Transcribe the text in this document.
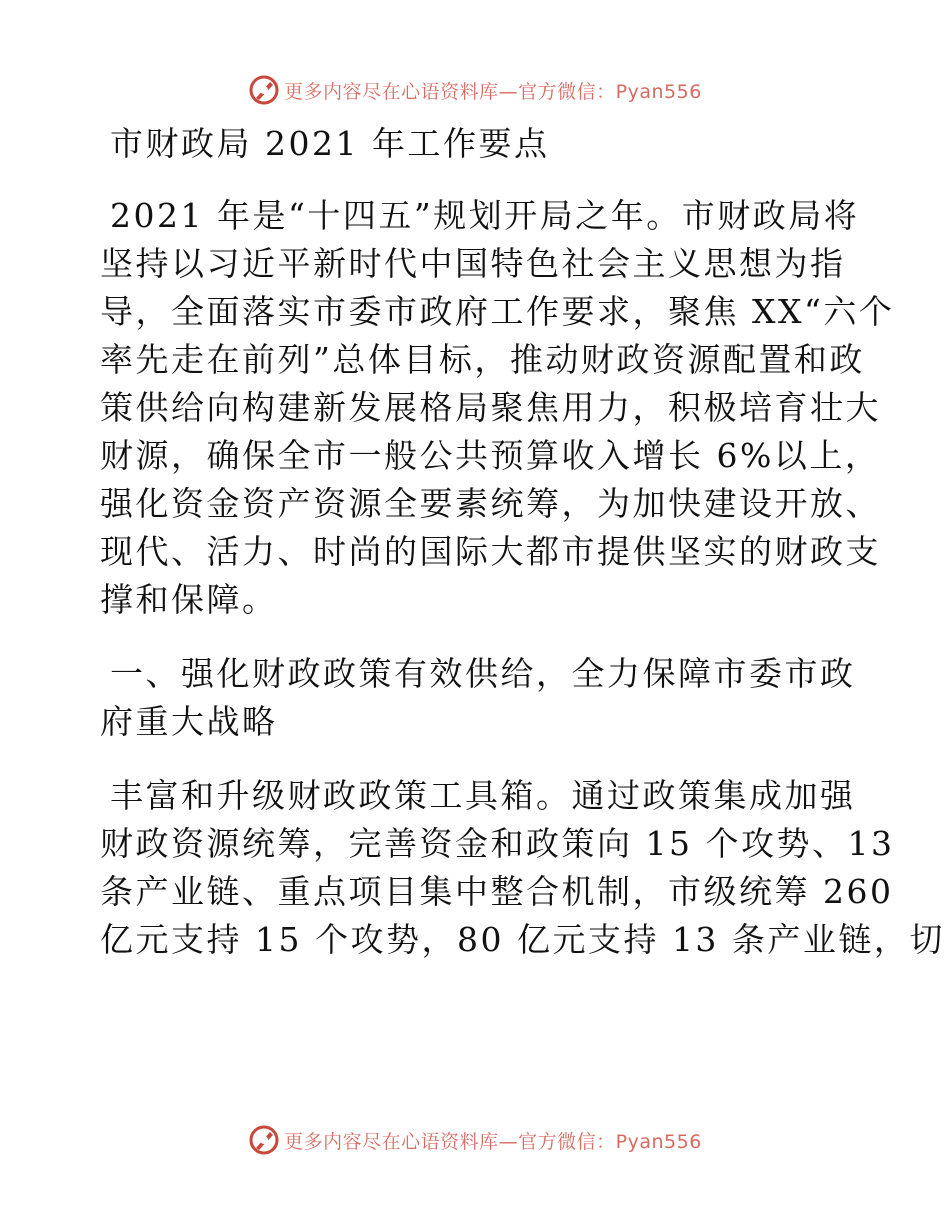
更多内容尽在心语资料库—官方微信：Pyan556
市财政局 2021 年工作要点
2021 年是“十四五”规划开局之年。市财政局将
坚持以习近平新时代中国特色社会主义思想为指
导，全面落实市委市政府工作要求，聚焦 XX“六个
率先走在前列”总体目标，推动财政资源配置和政
策供给向构建新发展格局聚焦用力，积极培育壮大
财源，确保全市一般公共预算收入增长 6%以上，
强化资金资产资源全要素统筹，为加快建设开放、
现代、活力、时尚的国际大都市提供坚实的财政支
撑和保障。
一、强化财政政策有效供给，全力保障市委市政
府重大战略
丰富和升级财政政策工具箱。通过政策集成加强
财政资源统筹，完善资金和政策向 15 个攻势、13
条产业链、重点项目集中整合机制，市级统筹 260
亿元支持 15 个攻势，80 亿元支持 13 条产业链，切
更多内容尽在心语资料库—官方微信：Pyan556
